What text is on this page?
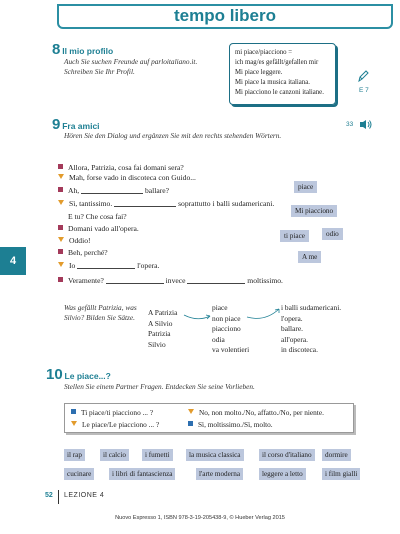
tempo libero
4
8 Il mio profilo
Auch Sie suchen Freunde auf parloitaliano.it.
Schreiben Sie Ihr Profil.
mi piace/piacciono =
ich mag/es gefällt/gefallen mir
Mi piace leggere.
Mi piace la musica italiana.
Mi piacciono le canzoni italiane.	E 7
9 Fra amici
Hören Sie den Dialog und ergänzen Sie mit den rechts stehenden Wörtern.
33
Allora, Patrizia, cosa fai domani sera?
Mah, forse vado in discoteca con Guido...
Ah,	ballare?
Sì, tantissimo.	soprattutto i balli sudamericani.
E tu? Che cosa fai?
Domani vado all'opera.
Oddio!
Beh, perché?
Io	l'opera.
Veramente?	invece	moltissimo.
piace
Mi piacciono
ti piace	odio
A me
Was gefällt Patrizia, was
Silvio? Bilden Sie Sätze.
A Patrizia
A Silvio
Patrizia
Silvio
piace
non piace
piacciono
odia
va volentieri
i balli sudamericani.
l'opera.
ballare.
all'opera.
in discoteca.
10 Le piace...?
Stellen Sie einem Partner Fragen. Entdecken Sie seine Vorlieben.
Ti piace/ti piacciono ... ?
Le piace/Le piacciono ... ?
No, non molto./No, affatto./No, per niente.
Sì, moltissimo./Sì, molto.
il rap	il calcio	i fumetti	la musica classica	il corso d'italiano	dormire
cucinare	i libri di fantascienza	l'arte moderna	leggere a letto	i film gialli
52 LEZIONE 4
Nuovo Espresso 1, ISBN 978-3-19-205438-9, © Hueber Verlag 2015
